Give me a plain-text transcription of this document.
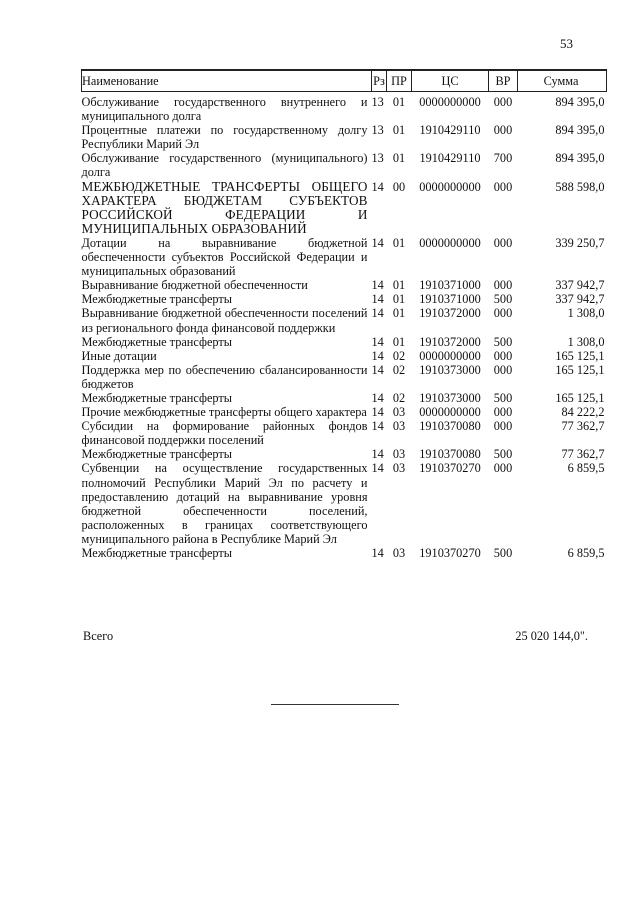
53
Наименование	Рз	ПР	ЦС	ВР	Сумма
Обслуживание государственного внутреннего и муниципального долга	13	01	0000000000	000	894 395,0
Процентные платежи по государственному долгу Республики Марий Эл	13	01	1910429110	000	894 395,0
Обслуживание государственного (муниципального) долга	13	01	1910429110	700	894 395,0
МЕЖБЮДЖЕТНЫЕ ТРАНСФЕРТЫ ОБЩЕГО ХАРАКТЕРА БЮДЖЕТАМ СУБЪЕКТОВ РОССИЙСКОЙ ФЕДЕРАЦИИ И МУНИЦИПАЛЬНЫХ ОБРАЗОВАНИЙ	14	00	0000000000	000	588 598,0
Дотации на выравнивание бюджетной обеспеченности субъектов Российской Федерации и муниципальных образований	14	01	0000000000	000	339 250,7
Выравнивание бюджетной обеспеченности	14	01	1910371000	000	337 942,7
Межбюджетные трансферты	14	01	1910371000	500	337 942,7
Выравнивание бюджетной обеспеченности поселений из регионального фонда финансовой поддержки	14	01	1910372000	000	1 308,0
Межбюджетные трансферты	14	01	1910372000	500	1 308,0
Иные дотации	14	02	0000000000	000	165 125,1
Поддержка мер по обеспечению сбалансированности бюджетов	14	02	1910373000	000	165 125,1
Межбюджетные трансферты	14	02	1910373000	500	165 125,1
Прочие межбюджетные трансферты общего характера	14	03	0000000000	000	84 222,2
Субсидии на формирование районных фондов финансовой поддержки поселений	14	03	1910370080	000	77 362,7
Межбюджетные трансферты	14	03	1910370080	500	77 362,7
Субвенции на осуществление государственных полномочий Республики Марий Эл по расчету и предоставлению дотаций на выравнивание уровня бюджетной обеспеченности поселений, расположенных в границах соответствующего муниципального района в Республике Марий Эл	14	03	1910370270	000	6 859,5
Межбюджетные трансферты	14	03	1910370270	500	6 859,5
Всего	25 020 144,0".
